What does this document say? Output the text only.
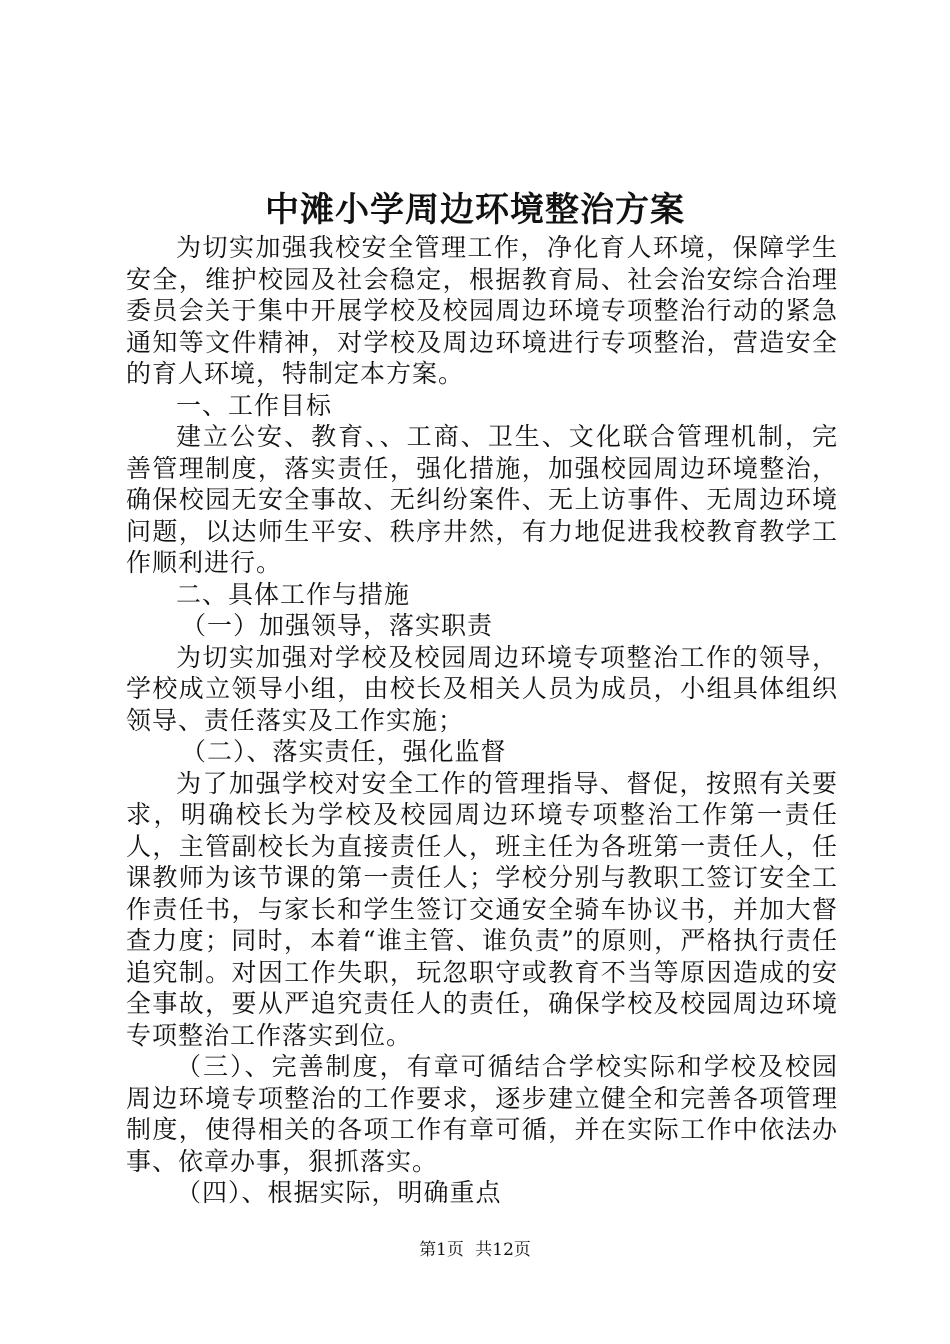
中滩小学周边环境整治方案

为切实加强我校安全管理工作，净化育人环境，保障学生安全，维护校园及社会稳定，根据教育局、社会治安综合治理委员会关于集中开展学校及校园周边环境专项整治行动的紧急通知等文件精神，对学校及周边环境进行专项整治，营造安全的育人环境，特制定本方案。

一、工作目标

建立公安、教育、、工商、卫生、文化联合管理机制，完善管理制度，落实责任，强化措施，加强校园周边环境整治，确保校园无安全事故、无纠纷案件、无上访事件、无周边环境问题，以达师生平安、秩序井然，有力地促进我校教育教学工作顺利进行。

二、具体工作与措施

（一）加强领导，落实职责

为切实加强对学校及校园周边环境专项整治工作的领导，学校成立领导小组，由校长及相关人员为成员，小组具体组织领导、责任落实及工作实施；

（二）、落实责任，强化监督

为了加强学校对安全工作的管理指导、督促，按照有关要求，明确校长为学校及校园周边环境专项整治工作第一责任人，主管副校长为直接责任人，班主任为各班第一责任人，任课教师为该节课的第一责任人；学校分别与教职工签订安全工作责任书，与家长和学生签订交通安全骑车协议书，并加大督查力度；同时，本着“谁主管、谁负责”的原则，严格执行责任追究制。对因工作失职，玩忽职守或教育不当等原因造成的安全事故，要从严追究责任人的责任，确保学校及校园周边环境专项整治工作落实到位。

（三）、完善制度，有章可循结合学校实际和学校及校园周边环境专项整治的工作要求，逐步建立健全和完善各项管理制度，使得相关的各项工作有章可循，并在实际工作中依法办事、依章办事，狠抓落实。

（四）、根据实际，明确重点

第1页 共12页
